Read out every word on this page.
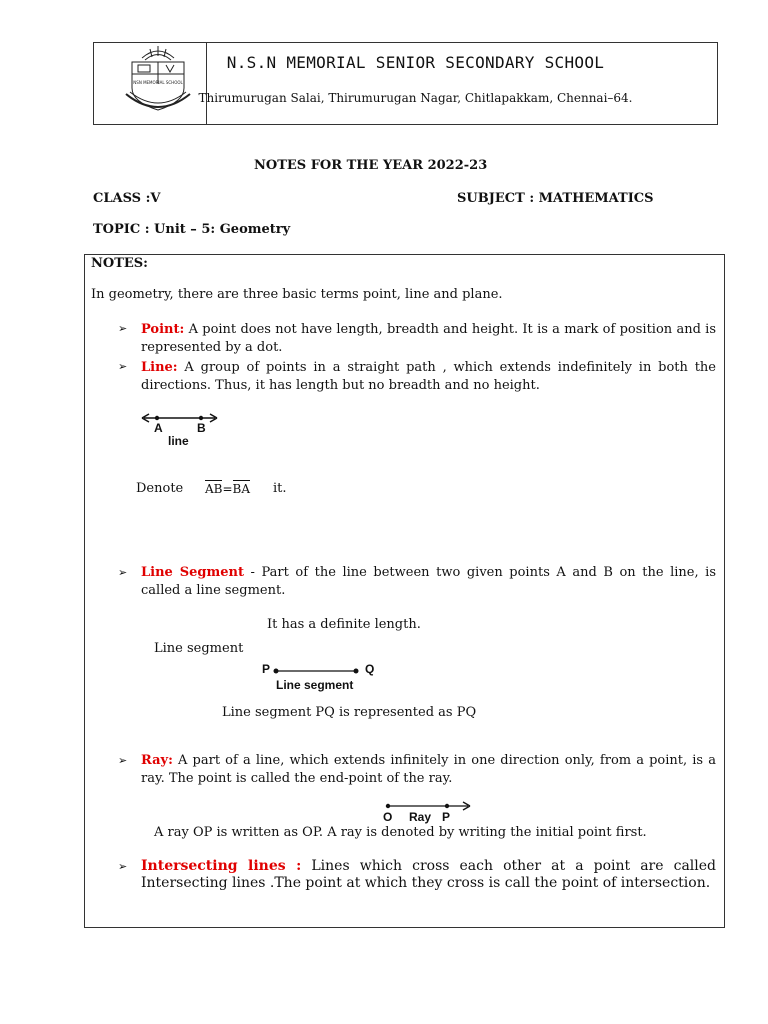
NSN MEMORIAL SCHOOL
N.S.N MEMORIAL SENIOR SECONDARY SCHOOL
Thirumurugan Salai, Thirumurugan Nagar, Chitlapakkam, Chennai–64.
NOTES FOR THE YEAR 2022-23
CLASS :V	SUBJECT : MATHEMATICS
TOPIC : Unit – 5: Geometry
NOTES:
In geometry, there are three basic terms point, line and plane.
➢ Point: A point does not have length, breadth and height. It is a mark of position and is represented by a dot.
➢ Line: A group of points in a straight path , which extends indefinitely in both the directions. Thus, it has length but no breadth and no height.
A	B
line
Denote AB=BA it.
➢ Line Segment - Part of the line between two given points A and B on the line, is called a line segment.
It has a definite length.
Line segment
P	Q
Line segment
Line segment PQ is represented as PQ
➢ Ray: A part of a line, which extends infinitely in one direction only, from a point, is a ray. The point is called the end-point of the ray.
O Ray P
A ray OP is written as OP. A ray is denoted by writing the initial point first.
➢ Intersecting lines : Lines which cross each other at a point are called Intersecting lines .The point at which they cross is call the point of intersection.
